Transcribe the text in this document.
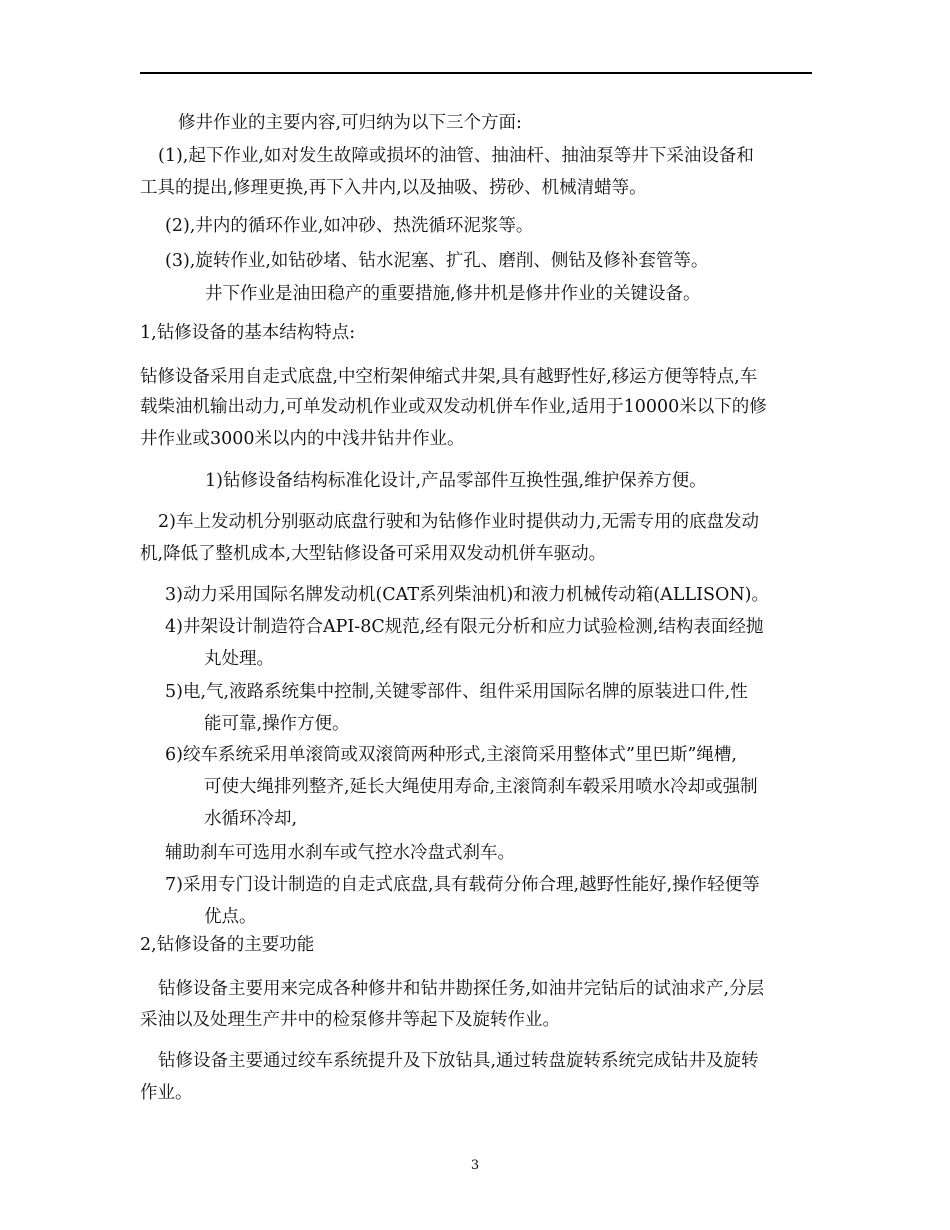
修井作业的主要内容,可归纳为以下三个方面:

(1),起下作业,如对发生故障或损坏的油管、抽油杆、抽油泵等井下采油设备和

工具的提出,修理更换,再下入井内,以及抽吸、捞砂、机械清蜡等。

(2),井内的循环作业,如冲砂、热洗循环泥浆等。

(3),旋转作业,如钻砂堵、钻水泥塞、扩孔、磨削、侧钻及修补套管等。

井下作业是油田稳产的重要措施,修井机是修井作业的关键设备。

1,钻修设备的基本结构特点:

钻修设备采用自走式底盘,中空桁架伸缩式井架,具有越野性好,移运方便等特点,车

载柴油机输出动力,可单发动机作业或双发动机併车作业,适用于10000米以下的修

井作业或3000米以内的中浅井钻井作业。

1)钻修设备结构标准化设计,产品零部件互换性强,维护保养方便。

2)车上发动机分别驱动底盘行驶和为钻修作业时提供动力,无需专用的底盘发动

机,降低了整机成本,大型钻修设备可采用双发动机併车驱动。

3)动力采用国际名牌发动机(CAT系列柴油机)和液力机械传动箱(ALLISON)。

4)井架设计制造符合API-8C规范,经有限元分析和应力试验检测,结构表面经抛

丸处理。

5)电,气,液路系统集中控制,关键零部件、组件采用国际名牌的原装进口件,性

能可靠,操作方便。

6)绞车系统采用单滚筒或双滚筒两种形式,主滚筒采用整体式”里巴斯”绳槽,

可使大绳排列整齐,延长大绳使用寿命,主滚筒刹车毂采用喷水冷却或强制

水循环冷却,

辅助刹车可选用水刹车或气控水冷盘式刹车。

7)采用专门设计制造的自走式底盘,具有载荷分佈合理,越野性能好,操作轻便等

优点。

2,钻修设备的主要功能

钻修设备主要用来完成各种修井和钻井勘探任务,如油井完钻后的试油求产,分层

采油以及处理生产井中的检泵修井等起下及旋转作业。

钻修设备主要通过绞车系统提升及下放钻具,通过转盘旋转系统完成钻井及旋转

作业。

3
